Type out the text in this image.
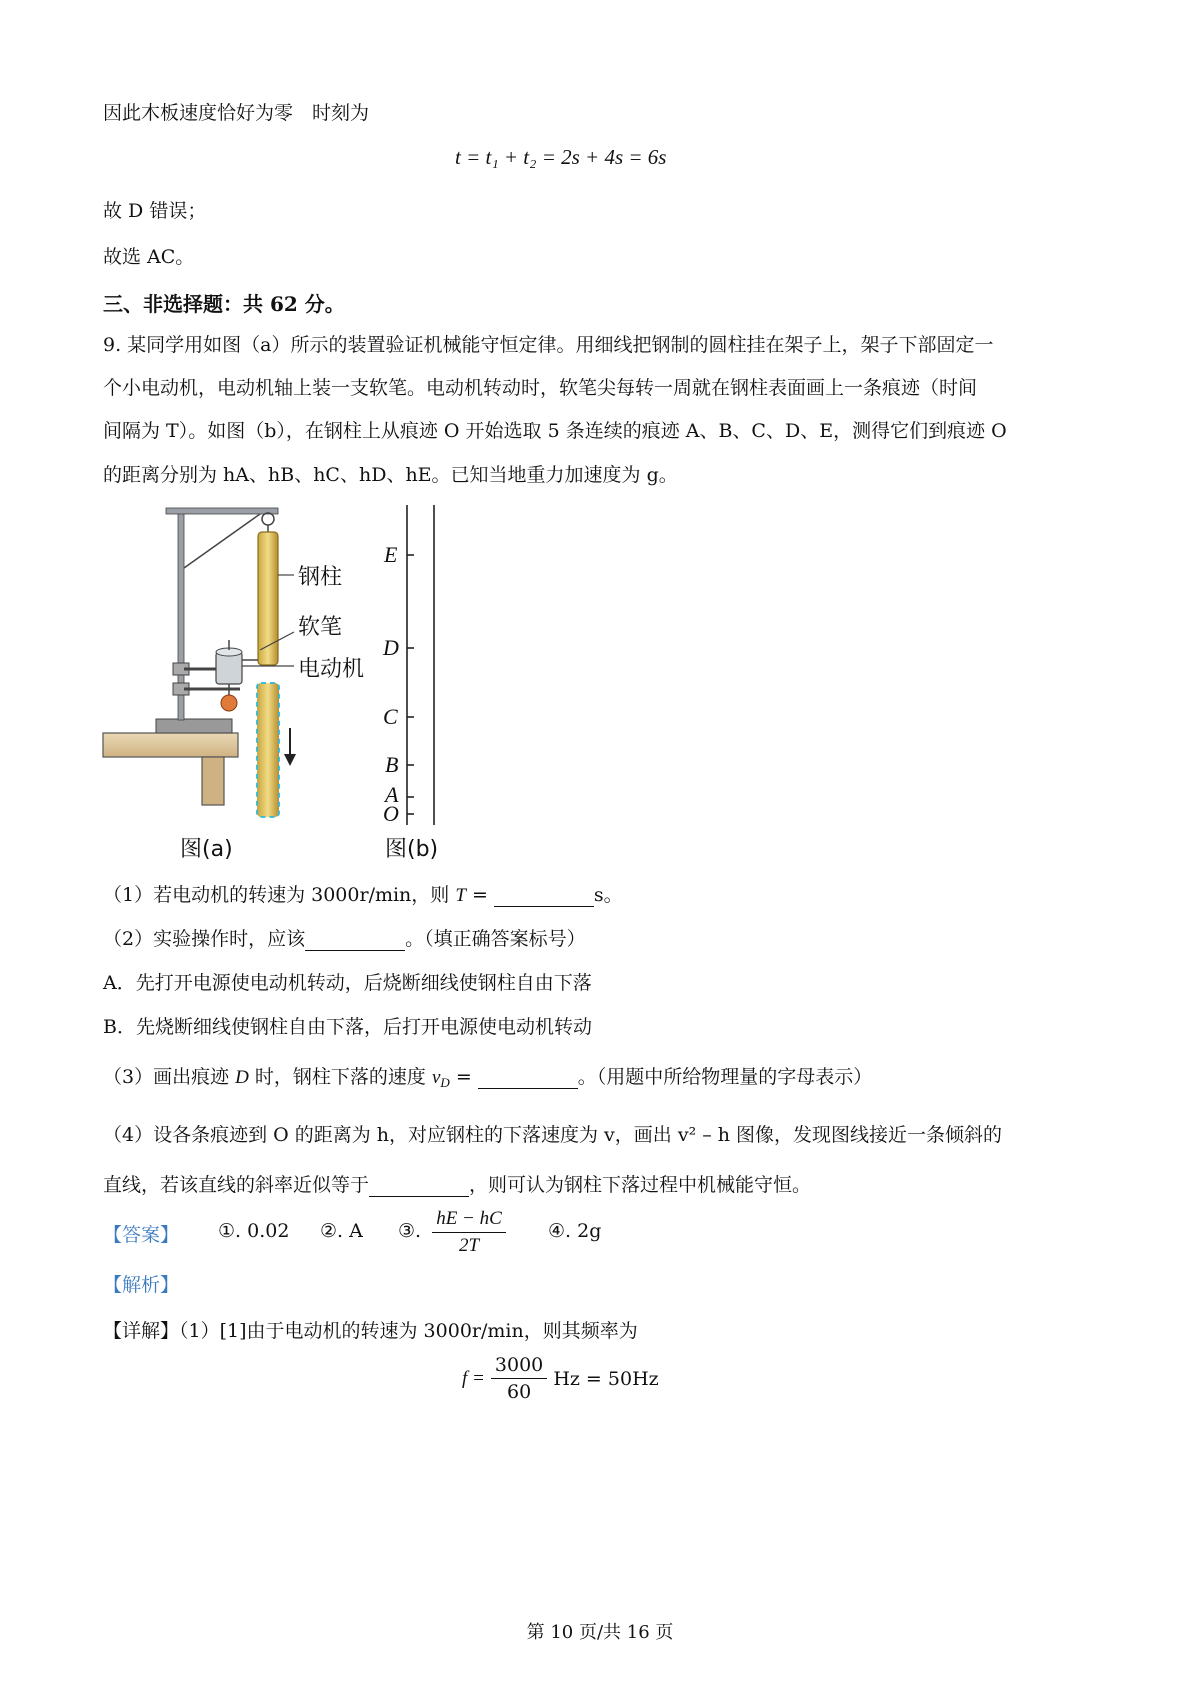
因此木板速度恰好为零　时刻为
t = t₁ + t₂ = 2s + 4s = 6s
故 D 错误；
故选 AC。
三、非选择题：共 62 分。
9. 某同学用如图（a）所示的装置验证机械能守恒定律。用细线把钢制的圆柱挂在架子上，架子下部固定一
个小电动机，电动机轴上装一支软笔。电动机转动时，软笔尖每转一周就在钢柱表面画上一条痕迹（时间
间隔为 T）。如图（b），在钢柱上从痕迹 O 开始选取 5 条连续的痕迹 A、B、C、D、E，测得它们到痕迹 O
的距离分别为 hA、hB、hC、hD、hE。已知当地重力加速度为 g。
钢柱
软笔
电动机
图(a)
E
D
C
B
A
O
图(b)
（1）若电动机的转速为 3000r/min，则 T =	s。
（2）实验操作时，应该	。（填正确答案标号）
A．先打开电源使电动机转动，后烧断细线使钢柱自由下落
B．先烧断细线使钢柱自由下落，后打开电源使电动机转动
（3）画出痕迹 D 时，钢柱下落的速度 $v_D$ =	。（用题中所给物理量的字母表示）
（4）设各条痕迹到 O 的距离为 h，对应钢柱的下落速度为 v，画出 v² – h 图像，发现图线接近一条倾斜的
直线，若该直线的斜率近似等于	，则可认为钢柱下落过程中机械能守恒。
【答案】 ①. 0.02 ②. A ③. $\frac{hE - hC}{2T}$ ④. 2g
【解析】
【详解】（1）[1]由于电动机的转速为 3000r/min，则其频率为
$f = \frac{3000}{60}$ Hz = 50Hz
第 10 页/共 16 页
